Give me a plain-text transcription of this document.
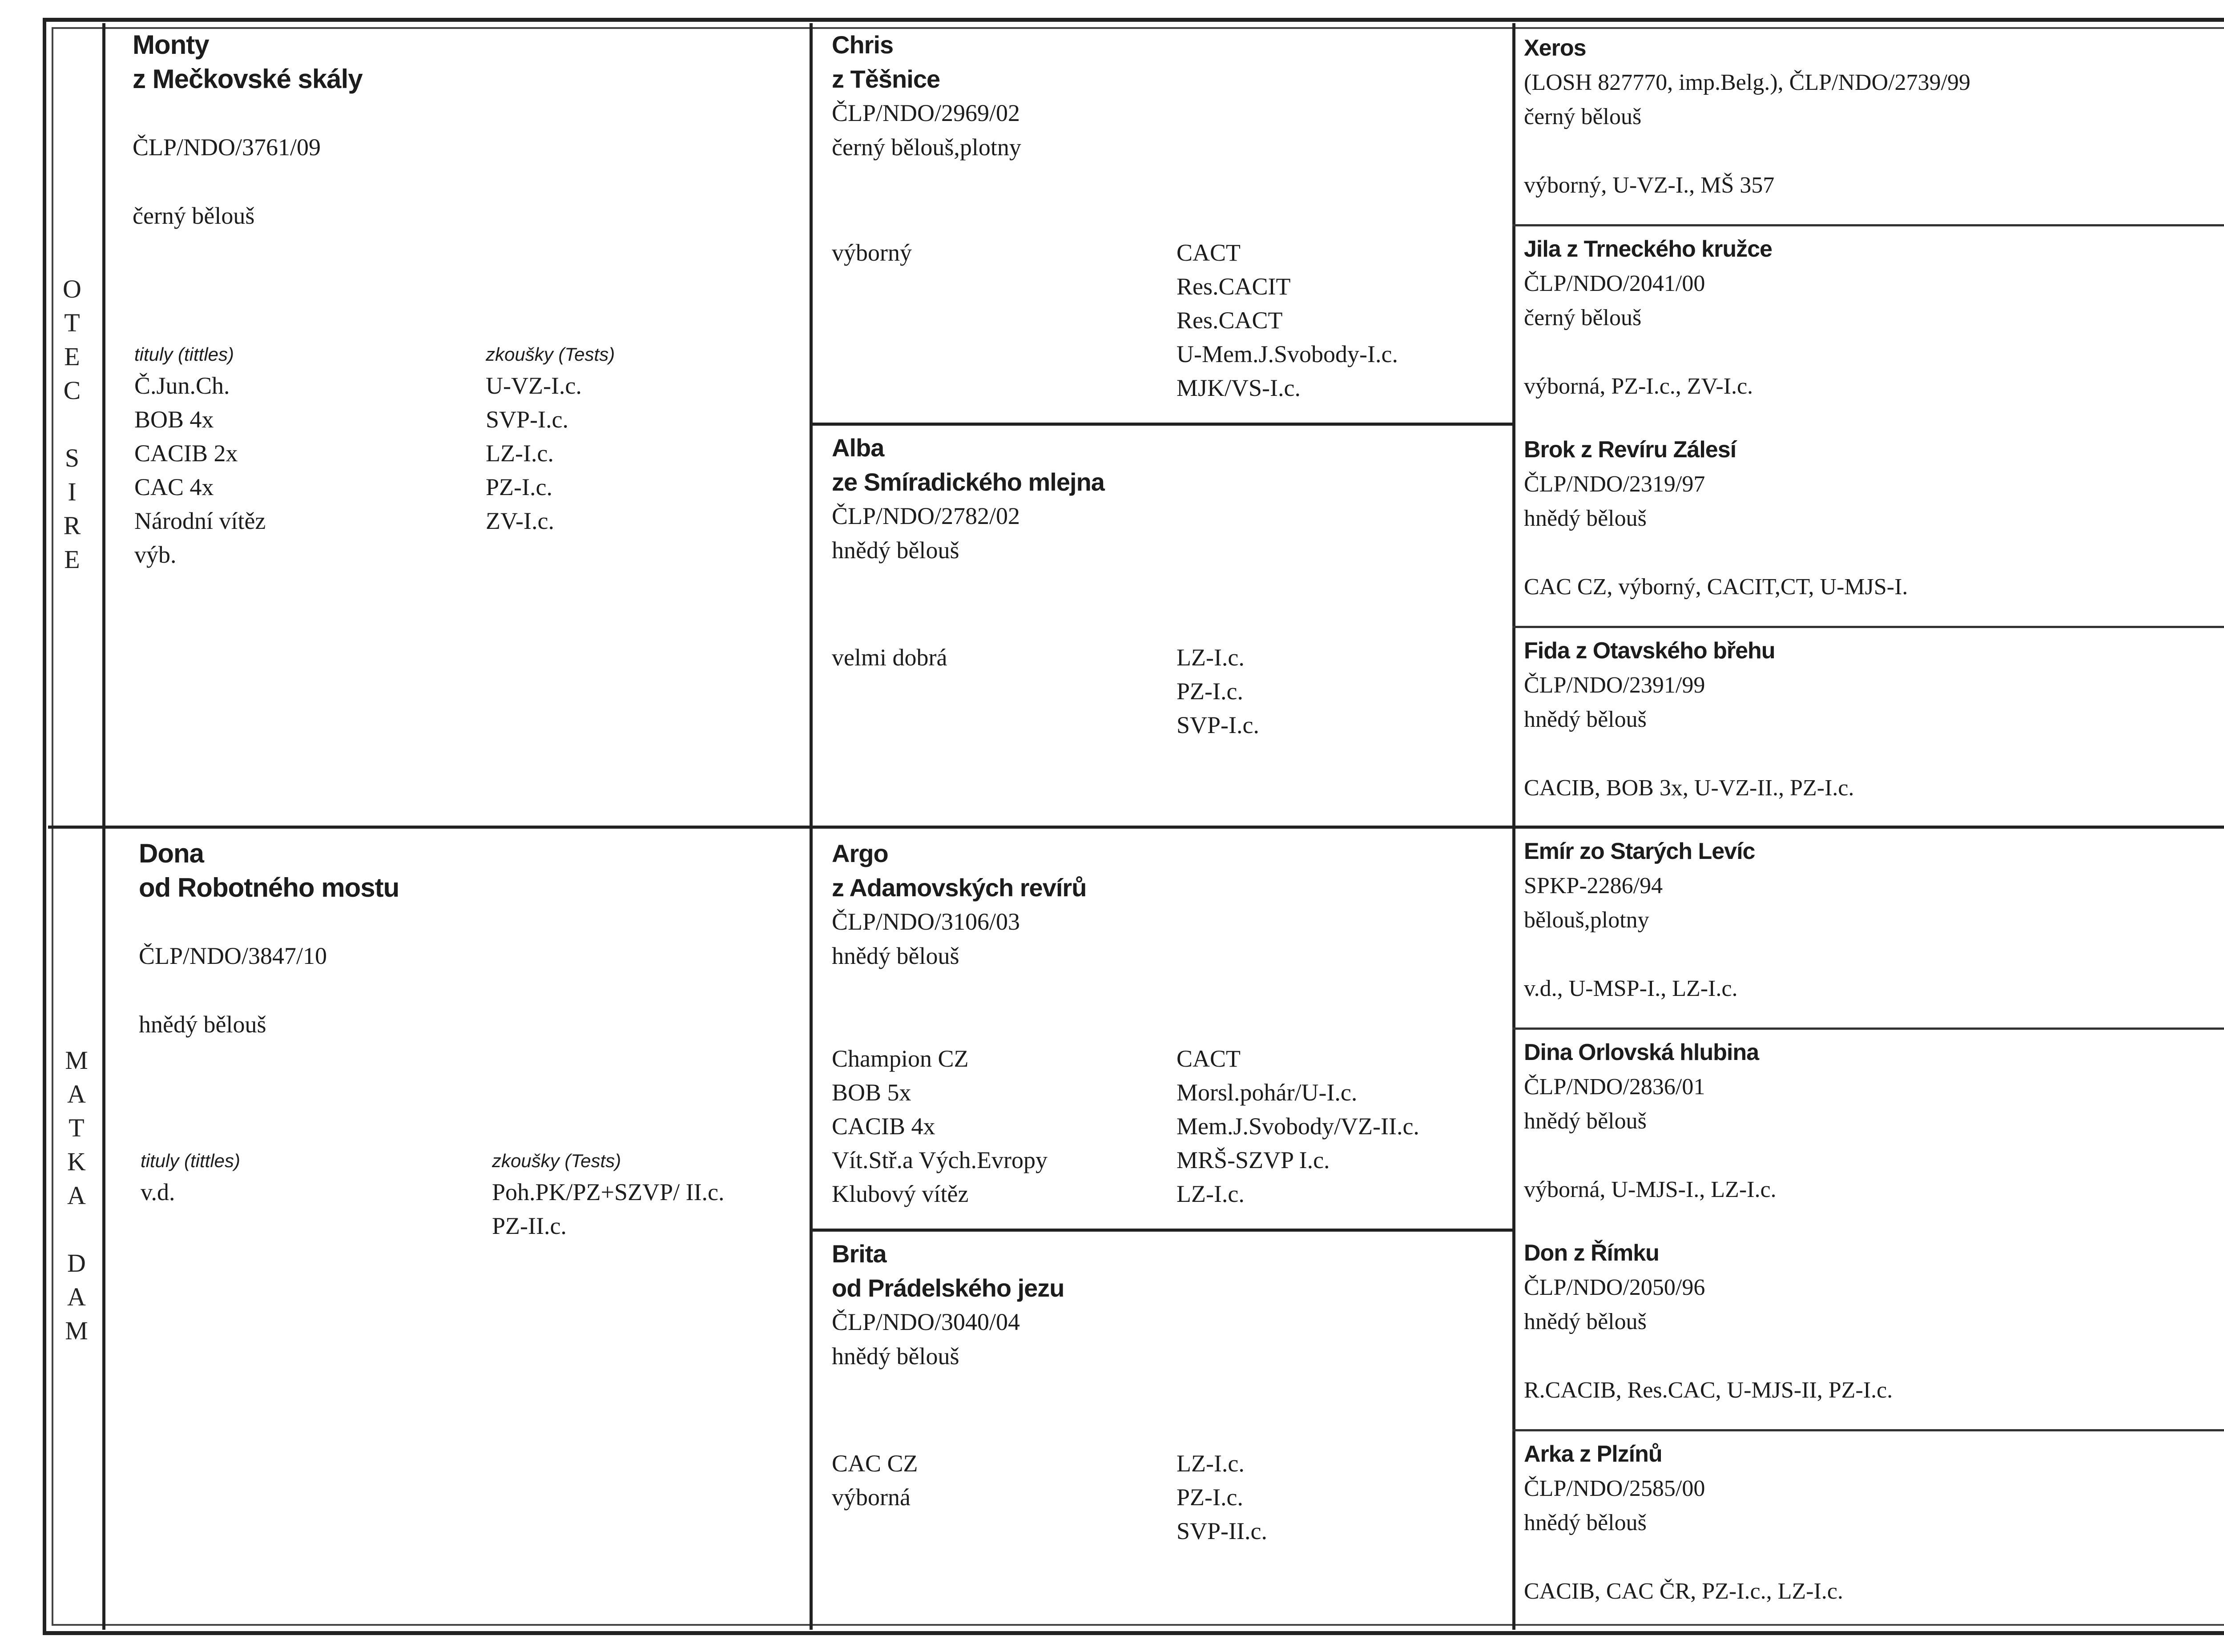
O
T
E
C

S
I
R
E
M
A
T
K
A

D
A
M
Monty
z Mečkovské skály
ČLP/NDO/3761/09
černý bělouš
tituly (tittles)
Č.Jun.Ch.
BOB 4x
CACIB 2x
CAC 4x
Národní vítěz
výb.
zkoušky (Tests)
U-VZ-I.c.
SVP-I.c.
LZ-I.c.
PZ-I.c.
ZV-I.c.
Dona
od Robotného mostu
ČLP/NDO/3847/10
hnědý bělouš
tituly (tittles)
v.d.
zkoušky (Tests)
Poh.PK/PZ+SZVP/ II.c.
PZ-II.c.
Chris
z Těšnice
ČLP/NDO/2969/02
černý bělouš,plotny
výborný	CACT
Res.CACIT
Res.CACT
U-Mem.J.Svobody-I.c.
MJK/VS-I.c.
Alba
ze Smíradického mlejna
ČLP/NDO/2782/02
hnědý bělouš
velmi dobrá	LZ-I.c.
PZ-I.c.
SVP-I.c.
Argo
z Adamovských revírů
ČLP/NDO/3106/03
hnědý bělouš
Champion CZ
BOB 5x
CACIB 4x
Vít.Stř.a Vých.Evropy
Klubový vítěz
CACT
Morsl.pohár/U-I.c.
Mem.J.Svobody/VZ-II.c.
MRŠ-SZVP I.c.
LZ-I.c.
Brita
od Prádelského jezu
ČLP/NDO/3040/04
hnědý bělouš
CAC CZ
výborná
LZ-I.c.
PZ-I.c.
SVP-II.c.
Xeros
(LOSH 827770, imp.Belg.), ČLP/NDO/2739/99
černý bělouš
výborný, U-VZ-I., MŠ 357
Jila z Trneckého kružce
ČLP/NDO/2041/00
černý bělouš
výborná, PZ-I.c., ZV-I.c.
Brok z Revíru Zálesí
ČLP/NDO/2319/97
hnědý bělouš
CAC CZ, výborný, CACIT,CT, U-MJS-I.
Fida z Otavského břehu
ČLP/NDO/2391/99
hnědý bělouš
CACIB, BOB 3x, U-VZ-II., PZ-I.c.
Emír zo Starých Levíc
SPKP-2286/94
bělouš,plotny
v.d., U-MSP-I., LZ-I.c.
Dina Orlovská hlubina
ČLP/NDO/2836/01
hnědý bělouš
výborná, U-MJS-I., LZ-I.c.
Don z Římku
ČLP/NDO/2050/96
hnědý bělouš
R.CACIB, Res.CAC, U-MJS-II, PZ-I.c.
Arka z Plzínů
ČLP/NDO/2585/00
hnědý bělouš
CACIB, CAC ČR, PZ-I.c., LZ-I.c.
